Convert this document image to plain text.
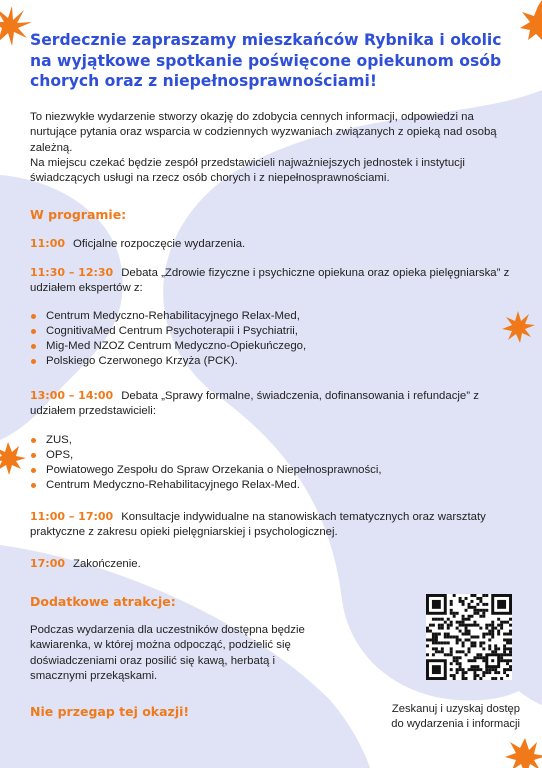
Serdecznie zapraszamy mieszkańców Rybnika i okolic na wyjątkowe spotkanie poświęcone opiekunom osób chorych oraz z niepełnosprawnościami!

To niezwykłe wydarzenie stworzy okazję do zdobycia cennych informacji, odpowiedzi na nurtujące pytania oraz wsparcia w codziennych wyzwaniach związanych z opieką nad osobą zależną.

Na miejscu czekać będzie zespół przedstawicieli najważniejszych jednostek i instytucji świadczących usługi na rzecz osób chorych i z niepełnosprawnościami.

W programie:
11:00 Oficjalne rozpoczęcie wydarzenia.
11:30 – 12:30 Debata „Zdrowie fizyczne i psychiczne opiekuna oraz opieka pielęgniarska” z udziałem ekspertów z:
Centrum Medyczno-Rehabilitacyjnego Relax-Med,
CognitivaMed Centrum Psychoterapii i Psychiatrii,
Mig-Med NZOZ Centrum Medyczno-Opiekuńczego,
Polskiego Czerwonego Krzyża (PCK).
13:00 – 14:00 Debata „Sprawy formalne, świadczenia, dofinansowania i refundacje” z udziałem przedstawicieli:
ZUS,
OPS,
Powiatowego Zespołu do Spraw Orzekania o Niepełnosprawności,
Centrum Medyczno-Rehabilitacyjnego Relax-Med.
11:00 – 17:00 Konsultacje indywidualne na stanowiskach tematycznych oraz warsztaty praktyczne z zakresu opieki pielęgniarskiej i psychologicznej.
17:00 Zakończenie.
Dodatkowe atrakcje:

Podczas wydarzenia dla uczestników dostępna będzie kawiarenka, w której można odpocząć, podzielić się doświadczeniami oraz posilić się kawą, herbatą i smacznymi przekąskami.

Nie przegap tej okazji!	Zeskanuj i uzyskaj dostęp
do wydarzenia i informacji
